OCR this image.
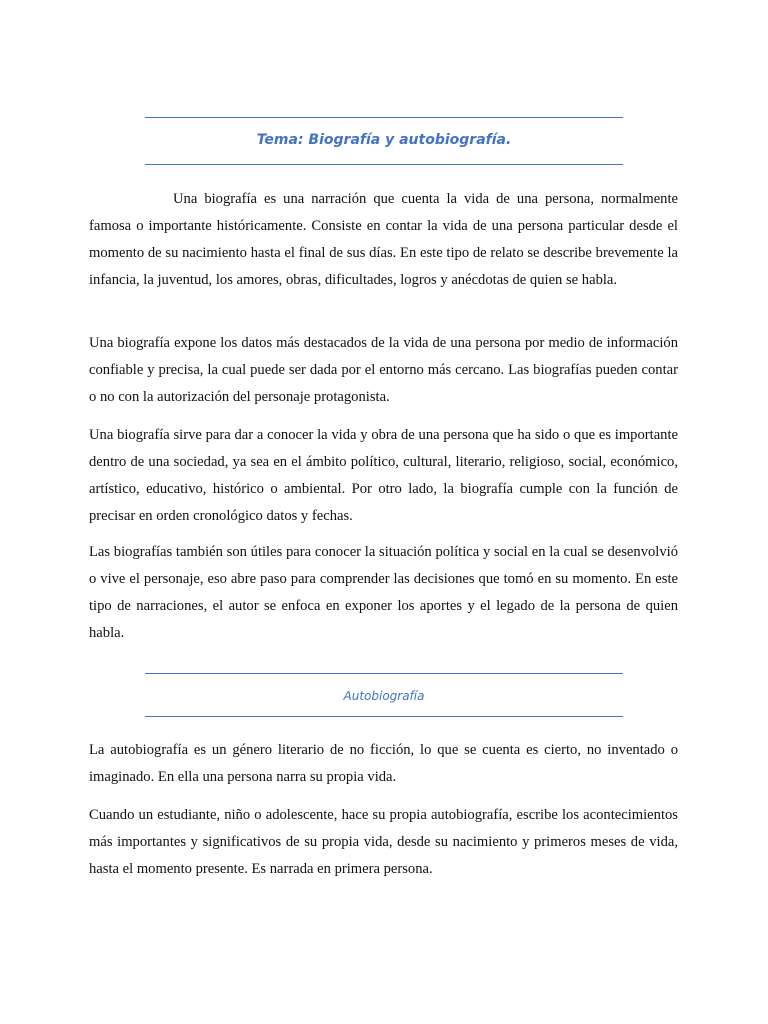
Tema: Biografía y autobiografía.

Una biografía es una narración que cuenta la vida de una persona, normalmente famosa o importante históricamente. Consiste en contar la vida de una persona particular desde el momento de su nacimiento hasta el final de sus días. En este tipo de relato se describe brevemente la infancia, la juventud, los amores, obras, dificultades, logros y anécdotas de quien se habla.

Una biografía expone los datos más destacados de la vida de una persona por medio de información confiable y precisa, la cual puede ser dada por el entorno más cercano. Las biografías pueden contar o no con la autorización del personaje protagonista.

Una biografía sirve para dar a conocer la vida y obra de una persona que ha sido o que es importante dentro de una sociedad, ya sea en el ámbito político, cultural, literario, religioso, social, económico, artístico, educativo, histórico o ambiental. Por otro lado, la biografía cumple con la función de precisar en orden cronológico datos y fechas.

Las biografías también son útiles para conocer la situación política y social en la cual se desenvolvió o vive el personaje, eso abre paso para comprender las decisiones que tomó en su momento. En este tipo de narraciones, el autor se enfoca en exponer los aportes y el legado de la persona de quien habla.

Autobiografía

La autobiografía es un género literario de no ficción, lo que se cuenta es cierto, no inventado o imaginado. En ella una persona narra su propia vida.

Cuando un estudiante, niño o adolescente, hace su propia autobiografía, escribe los acontecimientos más importantes y significativos de su propia vida, desde su nacimiento y primeros meses de vida, hasta el momento presente. Es narrada en primera persona.
